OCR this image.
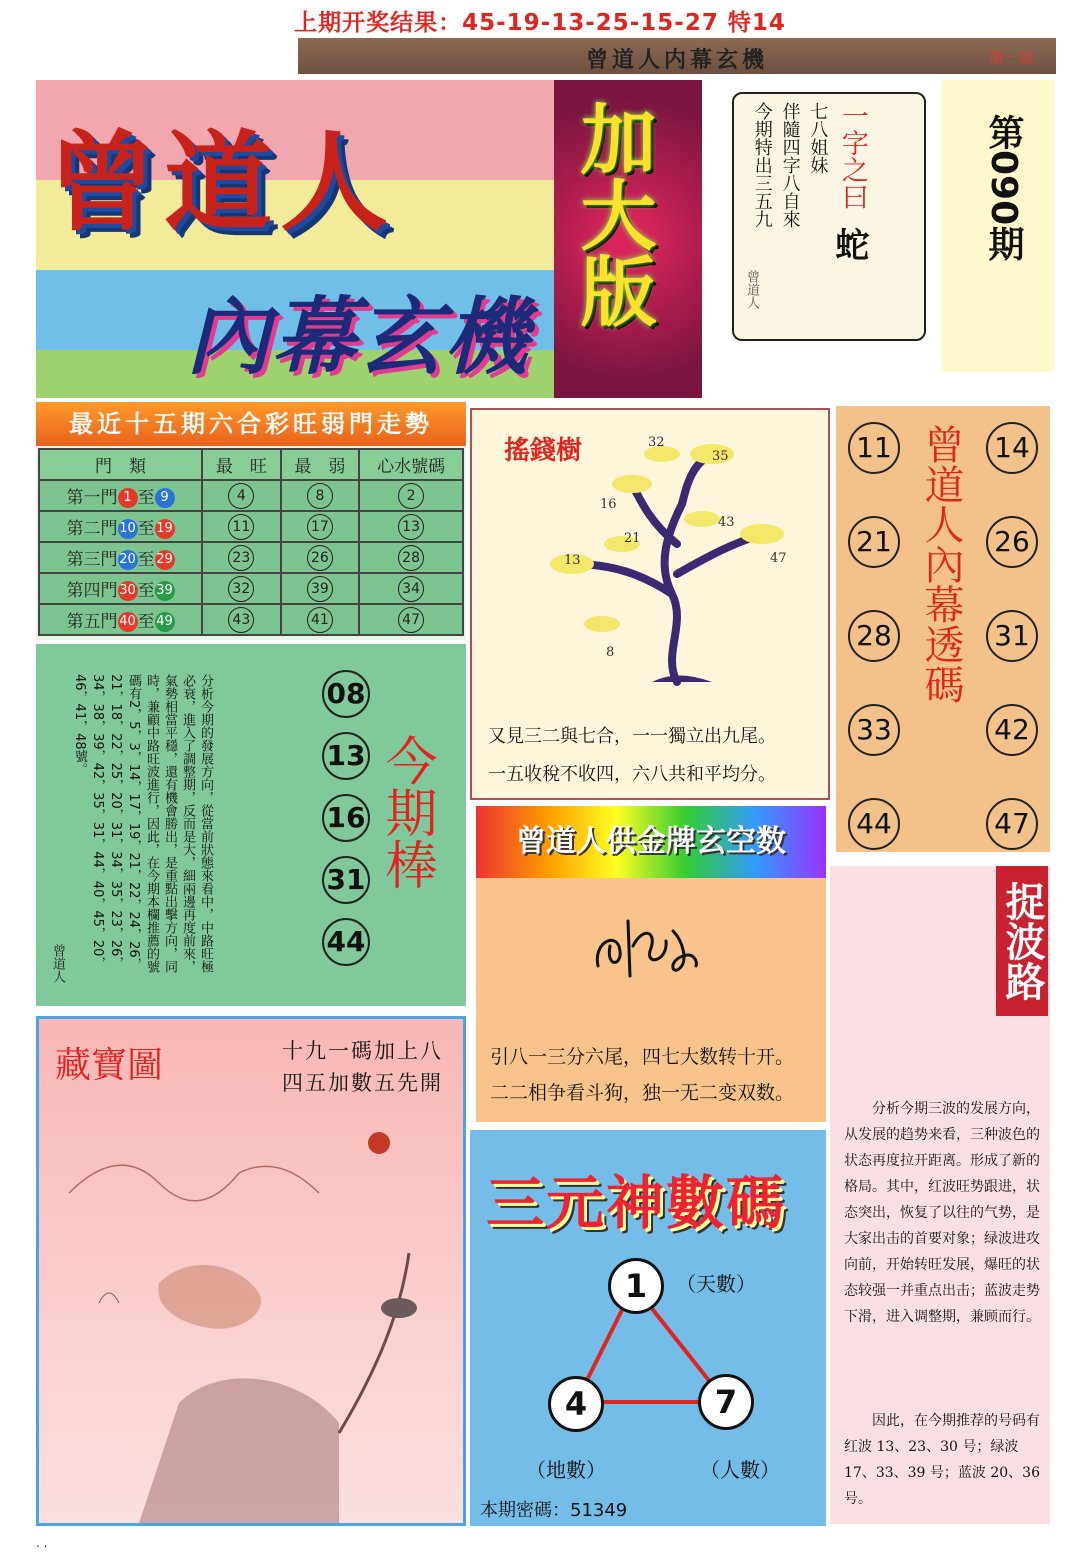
上期开奖结果：45-19-13-25-15-27 特14
曾道人内幕玄機	第一版
曾道人
內幕玄機
加大版	一字之曰
蛇
七八姐妹
伴隨四字八自來
今期特出三五九
曾道人
第090期
最近十五期六合彩旺弱門走勢
門　類	最　旺	最　弱	心水號碼
第一門 1 至 9	4	8	2
第二門 10 至 19	11	17	13
第三門 20 至 29	23	26	28
第四門 30 至 39	32	39	34
第五門 40 至 49	43	41	47
分析今期的發展方向，從當前狀態來看中，中路旺極必衰，進入了調整期，反而是大，細兩邊再度前來，氣勢相當平穩，還有機會勝出，是重點出擊方向，同時，兼顧中路旺波進行，因此，在今期本欄推薦的號碼有2，5，3，14，17，19，21，22，24，26，21，18，22，25，20，31，34，35，23，26，34，38，39，42，35，31，44，40，45，20，46，41，48號。
曾道人
08
13
16
31
44
今期棒
搖錢樹	32
35
16
21
43
13	47
8
又見三二與七合，一一獨立出九尾。
一五收稅不收四，六八共和平均分。
11	14
21	26
28	31
33	42
44	47
曾道人內幕透碼
曾道人供金牌玄空数
引八一三分六尾，四七大数转十开。
二二相争看斗狗，独一无二变双数。
捉波路
分析今期三波的发展方向，从发展的趋势来看，三种波色的状态再度拉开距离。形成了新的格局。其中，红波旺势跟进，状态突出，恢复了以往的气势，是大家出击的首要对象；绿波进攻向前，开始转旺发展，爆旺的状态较强一并重点出击；蓝波走势下滑，进入调整期，兼顾而行。
因此，在今期推荐的号码有红波 13、23、30 号；绿波 17、33、39 号；蓝波 20、36 号。
藏寶圖	十九一碼加上八
四五加數五先開
三元神數碼
1	（天數）
4
（地數）
7
（人數）
本期密碼：51349
. .
